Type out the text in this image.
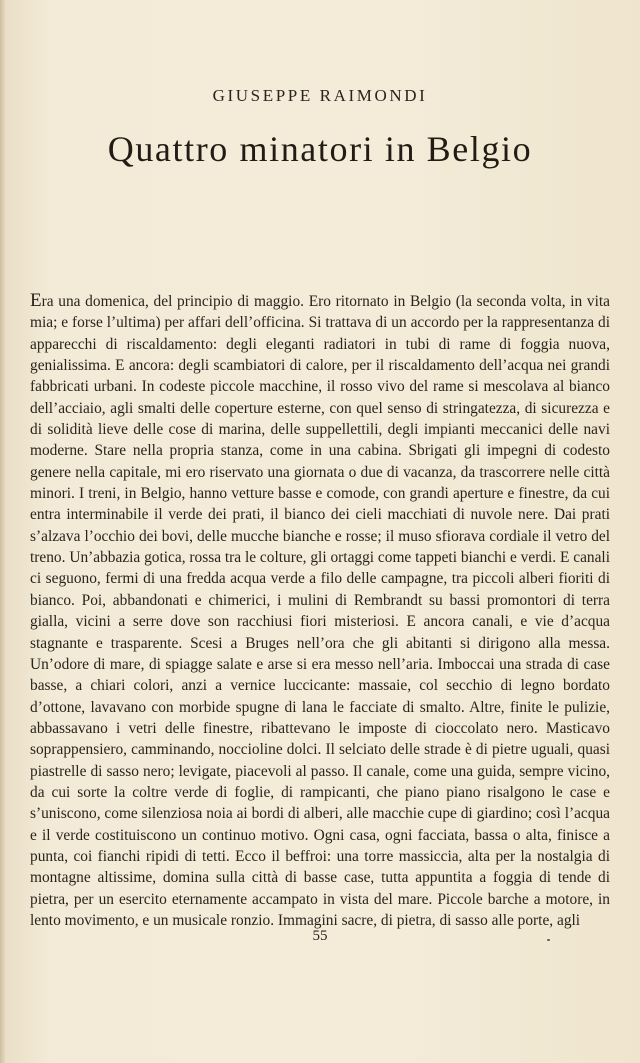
GIUSEPPE RAIMONDI
Quattro minatori in Belgio

Era una domenica, del principio di maggio. Ero ritornato in Belgio (la seconda volta, in vita mia; e forse l’ultima) per affari dell’officina. Si trattava di un accordo per la rappresentanza di apparecchi di riscaldamento: degli eleganti radiatori in tubi di rame di foggia nuova, genialissima. E ancora: degli scambiatori di calore, per il riscaldamento dell’acqua nei grandi fabbricati urbani. In codeste piccole macchine, il rosso vivo del rame si mescolava al bianco dell’acciaio, agli smalti delle coperture esterne, con quel senso di stringatezza, di sicurezza e di solidità lieve delle cose di marina, delle suppellettili, degli impianti meccanici delle navi moderne. Stare nella propria stanza, come in una cabina. Sbrigati gli impegni di codesto genere nella capitale, mi ero riservato una giornata o due di vacanza, da trascorrere nelle città minori. I treni, in Belgio, hanno vetture basse e comode, con grandi aperture e finestre, da cui entra interminabile il verde dei prati, il bianco dei cieli macchiati di nuvole nere. Dai prati s’alzava l’occhio dei bovi, delle mucche bianche e rosse; il muso sfiorava cordiale il vetro del treno. Un’abbazia gotica, rossa tra le colture, gli ortaggi come tappeti bianchi e verdi. E canali ci seguono, fermi di una fredda acqua verde a filo delle campagne, tra piccoli alberi fioriti di bianco. Poi, abbandonati e chimerici, i mulini di Rembrandt su bassi promontori di terra gialla, vicini a serre dove son racchiusi fiori misteriosi. E ancora canali, e vie d’acqua stagnante e trasparente. Scesi a Bruges nell’ora che gli abitanti si dirigono alla messa. Un’odore di mare, di spiagge salate e arse si era messo nell’aria. Imboccai una strada di case basse, a chiari colori, anzi a vernice luccicante: massaie, col secchio di legno bordato d’ottone, lavavano con morbide spugne di lana le facciate di smalto. Altre, finite le pulizie, abbassavano i vetri delle finestre, ribattevano le imposte di cioccolato nero. Masticavo soprappensiero, camminando, noccioline dolci. Il selciato delle strade è di pietre uguali, quasi piastrelle di sasso nero; levigate, piacevoli al passo. Il canale, come una guida, sempre vicino, da cui sorte la coltre verde di foglie, di rampicanti, che piano piano risalgono le case e s’uniscono, come silenziosa noia ai bordi di alberi, alle macchie cupe di giardino; così l’acqua e il verde costituiscono un continuo motivo. Ogni casa, ogni facciata, bassa o alta, finisce a punta, coi fianchi ripidi di tetti. Ecco il beffroi: una torre massiccia, alta per la nostalgia di montagne altissime, domina sulla città di basse case, tutta appuntita a foggia di tende di pietra, per un esercito eternamente accampato in vista del mare. Piccole barche a motore, in lento movimento, e un musicale ronzio. Immagini sacre, di pietra, di sasso alle porte, agli

55
